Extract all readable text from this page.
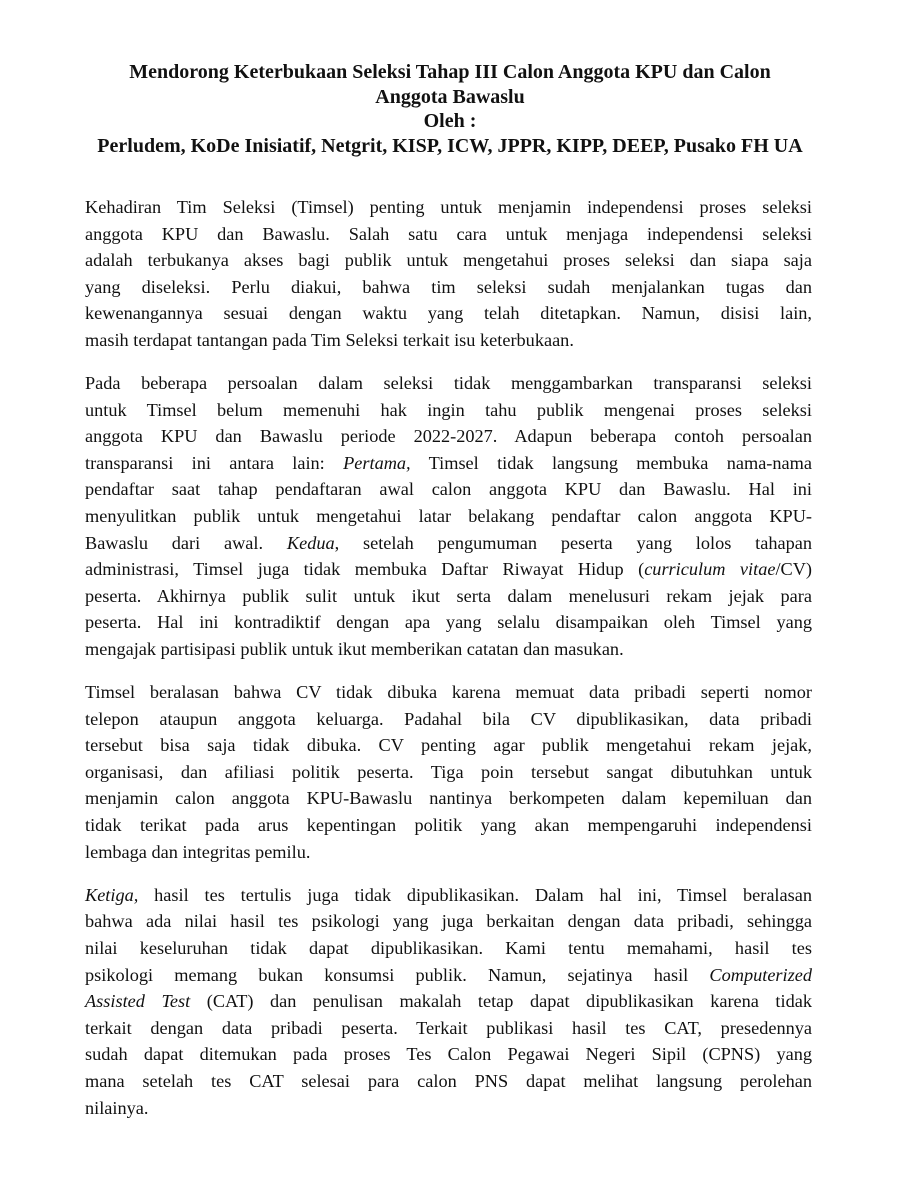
Mendorong Keterbukaan Seleksi Tahap III Calon Anggota KPU dan Calon
Anggota Bawaslu
Oleh :
Perludem, KoDe Inisiatif, Netgrit, KISP, ICW, JPPR, KIPP, DEEP, Pusako FH UA
Kehadiran Tim Seleksi (Timsel) penting untuk menjamin independensi proses seleksi
anggota KPU dan Bawaslu. Salah satu cara untuk menjaga independensi seleksi
adalah terbukanya akses bagi publik untuk mengetahui proses seleksi dan siapa saja
yang diseleksi. Perlu diakui, bahwa tim seleksi sudah menjalankan tugas dan
kewenangannya sesuai dengan waktu yang telah ditetapkan. Namun, disisi lain,
masih terdapat tantangan pada Tim Seleksi terkait isu keterbukaan.
Pada beberapa persoalan dalam seleksi tidak menggambarkan transparansi seleksi
untuk Timsel belum memenuhi hak ingin tahu publik mengenai proses seleksi
anggota KPU dan Bawaslu periode 2022-2027. Adapun beberapa contoh persoalan
transparansi ini antara lain: Pertama, Timsel tidak langsung membuka nama-nama
pendaftar saat tahap pendaftaran awal calon anggota KPU dan Bawaslu. Hal ini
menyulitkan publik untuk mengetahui latar belakang pendaftar calon anggota KPU-
Bawaslu dari awal. Kedua, setelah pengumuman peserta yang lolos tahapan
administrasi, Timsel juga tidak membuka Daftar Riwayat Hidup (curriculum vitae/CV)
peserta. Akhirnya publik sulit untuk ikut serta dalam menelusuri rekam jejak para
peserta. Hal ini kontradiktif dengan apa yang selalu disampaikan oleh Timsel yang
mengajak partisipasi publik untuk ikut memberikan catatan dan masukan.
Timsel beralasan bahwa CV tidak dibuka karena memuat data pribadi seperti nomor
telepon ataupun anggota keluarga. Padahal bila CV dipublikasikan, data pribadi
tersebut bisa saja tidak dibuka. CV penting agar publik mengetahui rekam jejak,
organisasi, dan afiliasi politik peserta. Tiga poin tersebut sangat dibutuhkan untuk
menjamin calon anggota KPU-Bawaslu nantinya berkompeten dalam kepemiluan dan
tidak terikat pada arus kepentingan politik yang akan mempengaruhi independensi
lembaga dan integritas pemilu.
Ketiga, hasil tes tertulis juga tidak dipublikasikan. Dalam hal ini, Timsel beralasan
bahwa ada nilai hasil tes psikologi yang juga berkaitan dengan data pribadi, sehingga
nilai keseluruhan tidak dapat dipublikasikan. Kami tentu memahami, hasil tes
psikologi memang bukan konsumsi publik. Namun, sejatinya hasil Computerized
Assisted Test (CAT) dan penulisan makalah tetap dapat dipublikasikan karena tidak
terkait dengan data pribadi peserta. Terkait publikasi hasil tes CAT, presedennya
sudah dapat ditemukan pada proses Tes Calon Pegawai Negeri Sipil (CPNS) yang
mana setelah tes CAT selesai para calon PNS dapat melihat langsung perolehan
nilainya.
